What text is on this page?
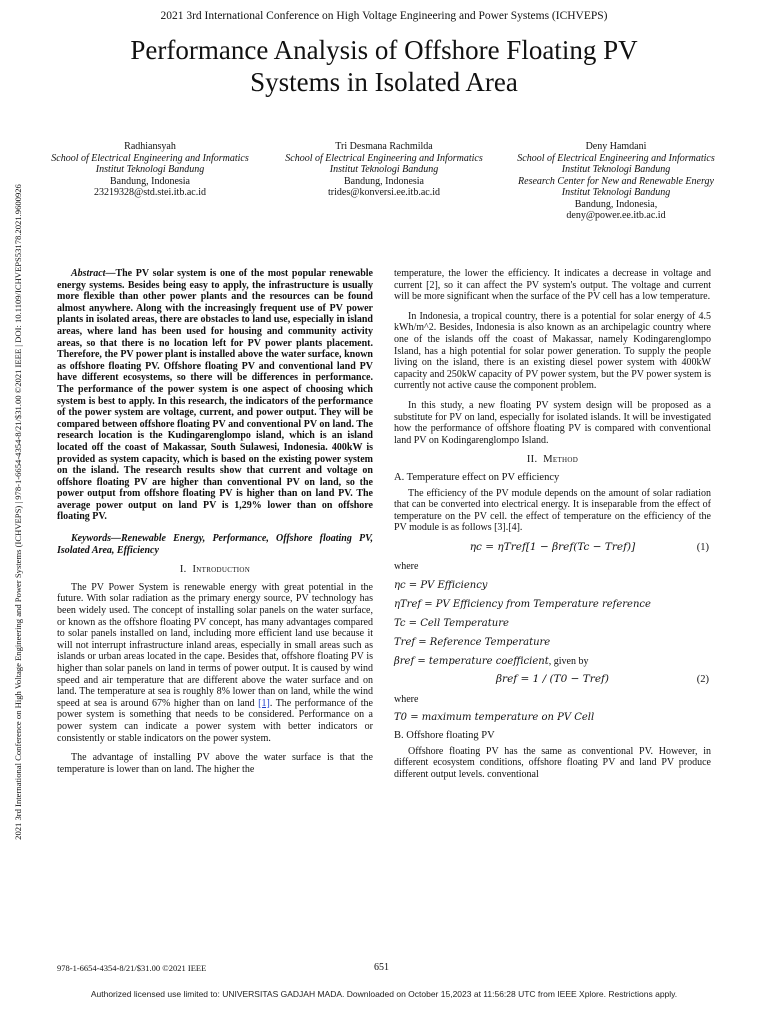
2021 3rd International Conference on High Voltage Engineering and Power Systems (ICHVEPS)
Performance Analysis of Offshore Floating PV
Systems in Isolated Area
2021 3rd International Conference on High Voltage Engineering and Power Systems (ICHVEPS) | 978-1-6654-4354-8/21/$31.00 ©2021 IEEE | DOI: 10.1109/ICHVEPS53178.2021.9600926
Radhiansyah
School of Electrical Engineering and Informatics
Institut Teknologi Bandung
Bandung, Indonesia
23219328@std.stei.itb.ac.id
Tri Desmana Rachmilda
School of Electrical Engineering and Informatics
Institut Teknologi Bandung
Bandung, Indonesia
trides@konversi.ee.itb.ac.id
Deny Hamdani
School of Electrical Engineering and Informatics
Institut Teknologi Bandung
Research Center for New and Renewable Energy
Institut Teknologi Bandung
Bandung, Indonesia,
deny@power.ee.itb.ac.id

Abstract—The PV solar system is one of the most popular renewable energy systems. Besides being easy to apply, the infrastructure is usually more flexible than other power plants and the resources can be found almost anywhere. Along with the increasingly frequent use of PV power plants in isolated areas, there are obstacles to land use, especially in island areas, where land has been used for housing and community activity areas, so that there is no location left for PV power plants placement. Therefore, the PV power plant is installed above the water surface, known as offshore floating PV. Offshore floating PV and conventional land PV have different ecosystems, so there will be differences in performance. The performance of the power system is one aspect of choosing which system is best to apply. In this research, the indicators of the performance of the power system are voltage, current, and power output. They will be compared between offshore floating PV and conventional PV on land. The research location is the Kudingarenglompo island, which is an island located off the coast of Makassar, South Sulawesi, Indonesia. 400kW is provided as system capacity, which is based on the existing power system on the island. The research results show that current and voltage on offshore floating PV are higher than conventional PV on land, so the power output from offshore floating PV is higher than on land PV. The average power output on land PV is 1,29% lower than on offshore floating PV.

Keywords—Renewable Energy, Performance, Offshore floating PV, Isolated Area, Efficiency

I. Introduction

The PV Power System is renewable energy with great potential in the future. With solar radiation as the primary energy source, PV technology has been widely used. The concept of installing solar panels on the water surface, or known as the offshore floating PV concept, has many advantages compared to solar panels installed on land, including more efficient land use because it will not interrupt infrastructure inland areas, especially in small areas such as islands or urban areas located in the cape. Besides that, offshore floating PV is higher than solar panels on land in terms of power output. It is caused by wind speed and air temperature that are different above the water surface and on land. The temperature at sea is roughly 8% lower than on land, while the wind speed at sea is around 67% higher than on land [1]. The performance of the power system is something that needs to be considered. Performance on a power system can indicate a power system with better indicators or consistently or stable indicators on the power system.

The advantage of installing PV above the water surface is that the temperature is lower than on land. The higher the

temperature, the lower the efficiency. It indicates a decrease in voltage and current [2], so it can affect the PV system's output. The voltage and current will be more significant when the surface of the PV cell has a low temperature.

In Indonesia, a tropical country, there is a potential for solar energy of 4.5 kWh/m^2. Besides, Indonesia is also known as an archipelagic country where one of the islands off the coast of Makassar, namely Kodingarenglompo Island, has a high potential for solar power generation. To supply the people living on the island, there is an existing diesel power system with 400kW capacity and 250kW capacity of PV power system, but the PV power system is currently not active cause the component problem.

In this study, a new floating PV system design will be proposed as a substitute for PV on land, especially for isolated islands. It will be investigated how the performance of offshore floating PV is compared with conventional land PV on Kodingarenglompo Island.

II. Method
A. Temperature effect on PV efficiency

The efficiency of the PV module depends on the amount of solar radiation that can be converted into electrical energy. It is inseparable from the effect of temperature on the PV cell. the effect of temperature on the efficiency of the PV module is as follows [3].[4].

ηc = ηTref[1 − βref(Tc − Tref)]	(1)

where

ηc = PV Efficiency
ηTref = PV Efficiency from Temperature reference
Tc = Cell Temperature
Tref = Reference Temperature
βref = temperature coefficient, given by
βref = 1 / (T0 − Tref)	(2)

where

T0 = maximum temperature on PV Cell
B. Offshore floating PV

Offshore floating PV has the same as conventional PV. However, in different ecosystem conditions, offshore floating PV and land PV produce different output levels. conventional

978-1-6654-4354-8/21/$31.00 ©2021 IEEE	651
Authorized licensed use limited to: UNIVERSITAS GADJAH MADA. Downloaded on October 15,2023 at 11:56:28 UTC from IEEE Xplore. Restrictions apply.
